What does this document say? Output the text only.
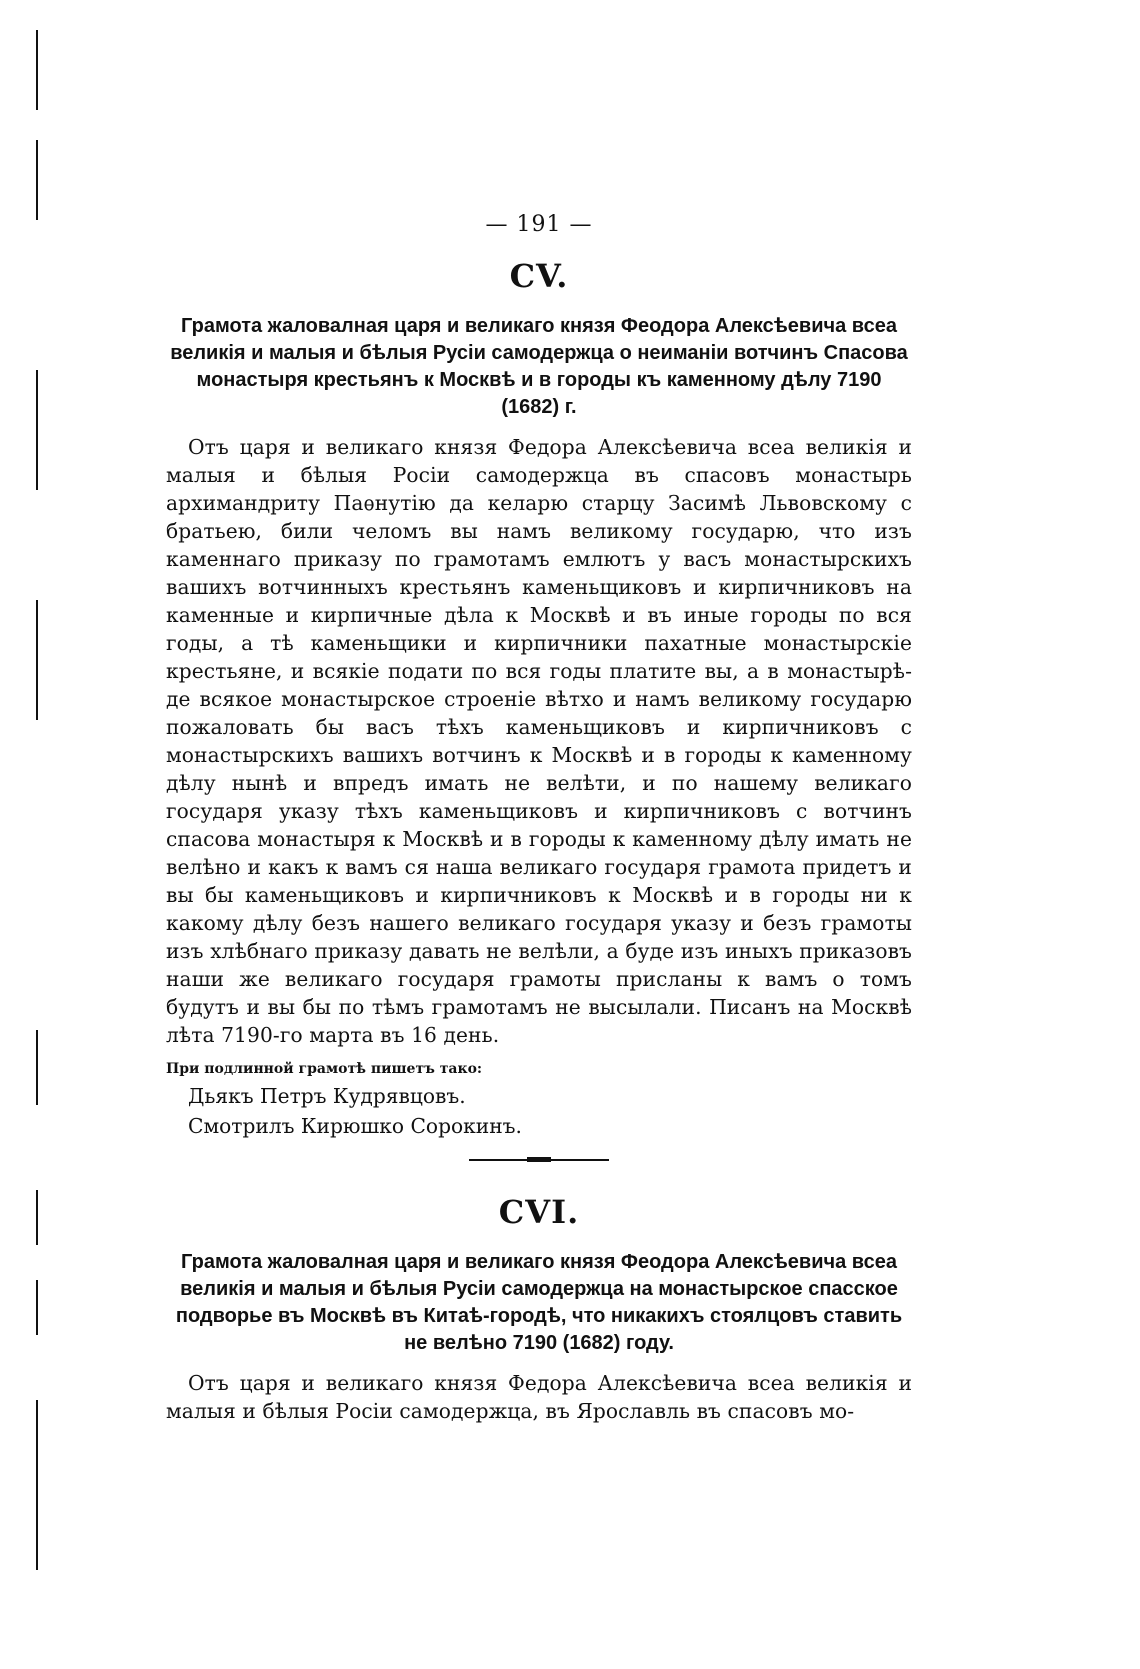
— 191 —
CV.
Грамота жаловалная царя и великаго князя Феодора Алексѣевича всеа великія и малыя и бѣлыя Русіи самодержца о неиманіи вотчинъ Спасова монастыря крестьянъ к Москвѣ и в городы къ каменному дѣлу 7190 (1682) г.

Отъ царя и великаго князя Федора Алексѣевича всеа великія и малыя и бѣлыя Росіи самодержца въ спасовъ монастырь архимандриту Паѳнутію да келарю старцу Засимѣ Львовскому с братьею, били челомъ вы намъ великому государю, что изъ каменнаго приказу по грамотамъ емлютъ у васъ монастырскихъ вашихъ вотчинныхъ крестьянъ каменьщиковъ и кирпичниковъ на каменные и кирпичные дѣла к Москвѣ и въ иные городы по вся годы, а тѣ каменьщики и кирпичники пахатные монастырскіе крестьяне, и всякіе подати по вся годы платите вы, а в монастырѣ-де всякое монастырское строеніе вѣтхо и намъ великому государю пожаловать бы васъ тѣхъ каменьщиковъ и кирпичниковъ с монастырскихъ вашихъ вотчинъ к Москвѣ и в городы к каменному дѣлу нынѣ и впредъ имать не велѣти, и по нашему великаго государя указу тѣхъ каменьщиковъ и кирпичниковъ с вотчинъ спасова монастыря к Москвѣ и в городы к каменному дѣлу имать не велѣно и какъ к вамъ ся наша великаго государя грамота придетъ и вы бы каменьщиковъ и кирпичниковъ к Москвѣ и в городы ни к какому дѣлу безъ нашего великаго государя указу и безъ грамоты изъ хлѣбнаго приказу давать не велѣли, а буде изъ иныхъ приказовъ наши же великаго государя грамоты присланы к вамъ о томъ будутъ и вы бы по тѣмъ грамотамъ не высылали. Писанъ на Москвѣ лѣта 7190-го марта въ 16 день.

При подлинной грамотѣ пишетъ тако:
Дьякъ Петръ Кудрявцовъ.
Смотрилъ Кирюшко Сорокинъ.
CVI.
Грамота жаловалная царя и великаго князя Феодора Алексѣевича всеа великія и малыя и бѣлыя Русіи самодержца на монастырское спасское подворье въ Москвѣ въ Китаѣ-городѣ, что никакихъ стоялцовъ ставить не велѣно 7190 (1682) году.

Отъ царя и великаго князя Федора Алексѣевича всеа великія и малыя и бѣлыя Росіи самодержца, въ Ярославль въ спасовъ мо-
